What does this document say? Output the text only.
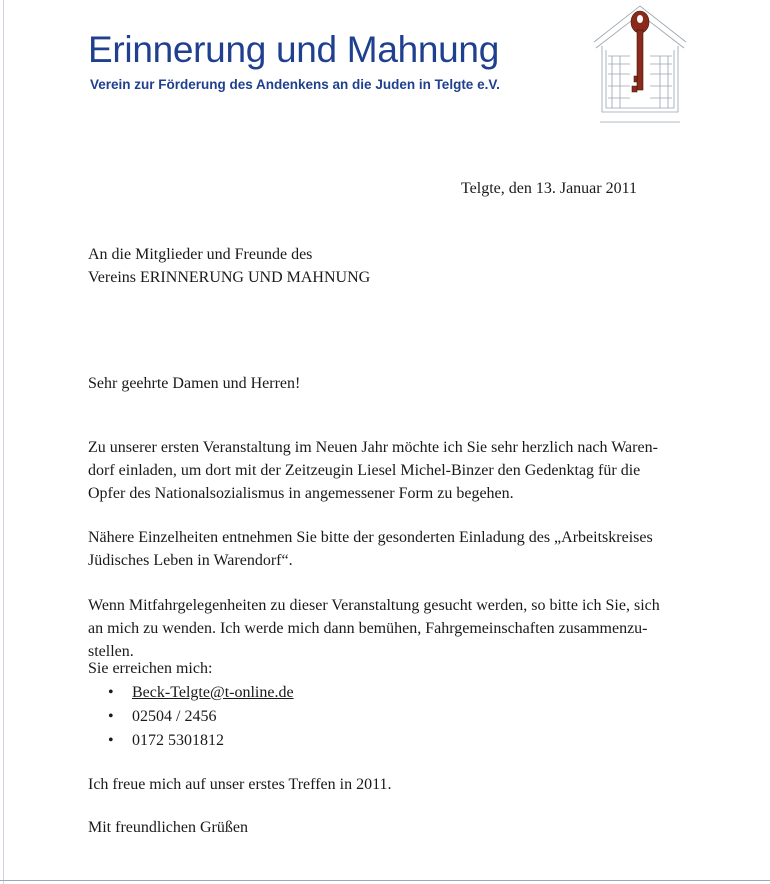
Erinnerung und Mahnung

Verein zur Förderung des Andenkens an die Juden in Telgte e.V.

Telgte, den 13. Januar 2011

An die Mitglieder und Freunde des
Vereins ERINNERUNG UND MAHNUNG

Sehr geehrte Damen und Herren!

Zu unserer ersten Veranstaltung im Neuen Jahr möchte ich Sie sehr herzlich nach Waren-
dorf einladen, um dort mit der Zeitzeugin Liesel Michel-Binzer den Gedenktag für die
Opfer des Nationalsozialismus in angemessener Form zu begehen.

Nähere Einzelheiten entnehmen Sie bitte der gesonderten Einladung des „Arbeitskreises
Jüdisches Leben in Warendorf“.

Wenn Mitfahrgelegenheiten zu dieser Veranstaltung gesucht werden, so bitte ich Sie, sich
an mich zu wenden. Ich werde mich dann bemühen, Fahrgemeinschaften zusammenzu-
stellen.

Sie erreichen mich:

• Beck-Telgte@t-online.de
• 02504 / 2456
• 0172 5301812

Ich freue mich auf unser erstes Treffen in 2011.

Mit freundlichen Grüßen
